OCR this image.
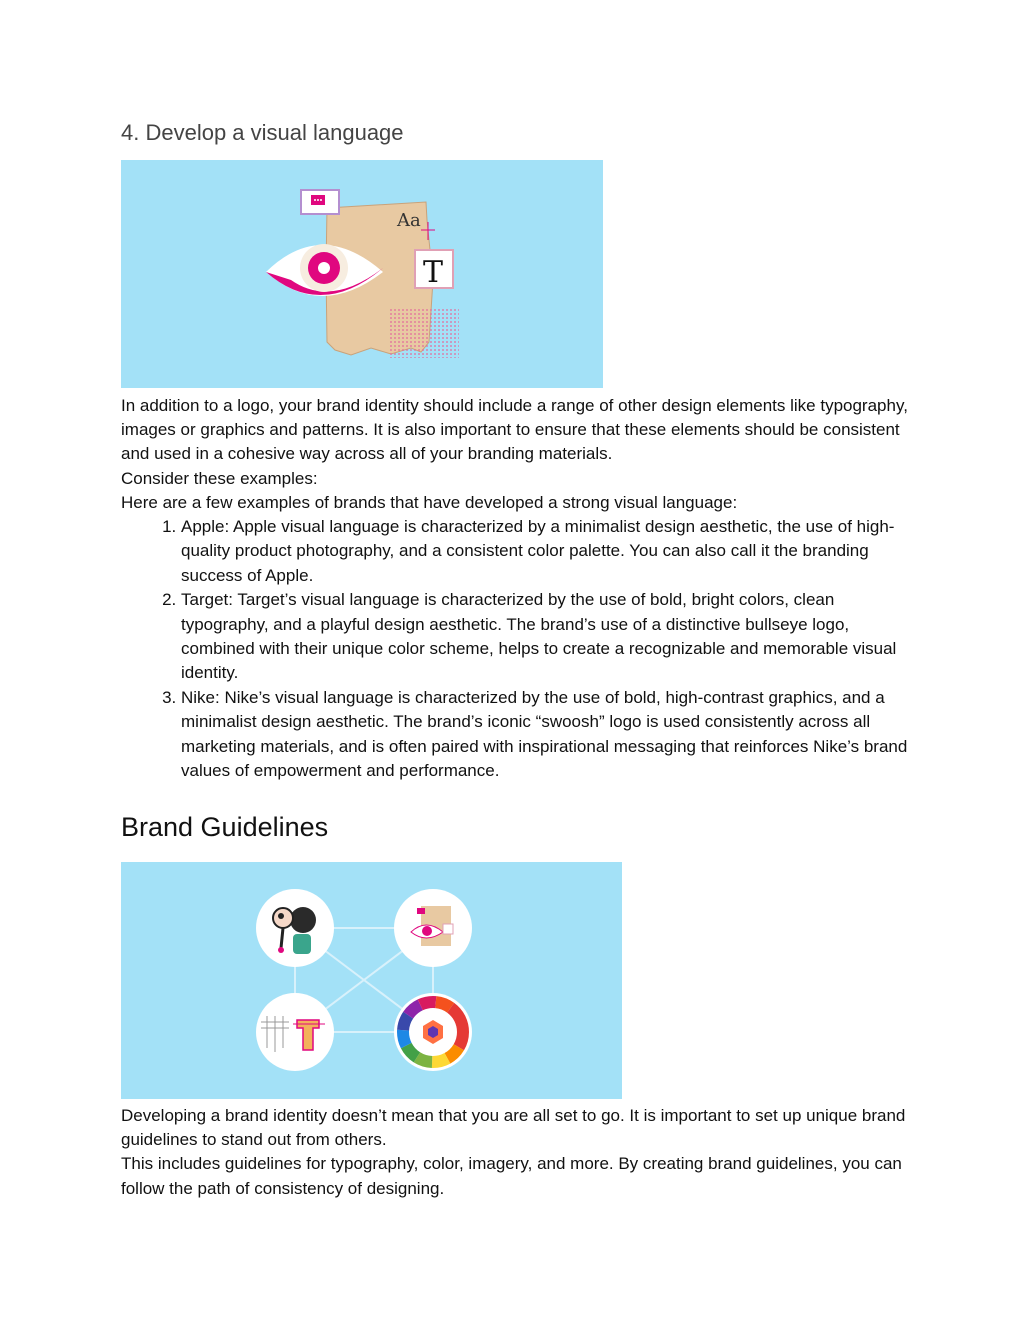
4. Develop a visual language
Aa
T

In addition to a logo, your brand identity should include a range of other design elements like typography, images or graphics and patterns. It is also important to ensure that these elements should be consistent and used in a cohesive way across all of your branding materials.

Consider these examples:

Here are a few examples of brands that have developed a strong visual language:

1. Apple: Apple visual language is characterized by a minimalist design aesthetic, the use of high-quality product photography, and a consistent color palette. You can also call it the branding success of Apple.
2. Target: Target’s visual language is characterized by the use of bold, bright colors, clean typography, and a playful design aesthetic. The brand’s use of a distinctive bullseye logo, combined with their unique color scheme, helps to create a recognizable and memorable visual identity.
3. Nike: Nike’s visual language is characterized by the use of bold, high-contrast graphics, and a minimalist design aesthetic. The brand’s iconic “swoosh” logo is used consistently across all marketing materials, and is often paired with inspirational messaging that reinforces Nike’s brand values of empowerment and performance.
Brand Guidelines

Developing a brand identity doesn’t mean that you are all set to go. It is important to set up unique brand guidelines to stand out from others.

This includes guidelines for typography, color, imagery, and more. By creating brand guidelines, you can follow the path of consistency of designing.
